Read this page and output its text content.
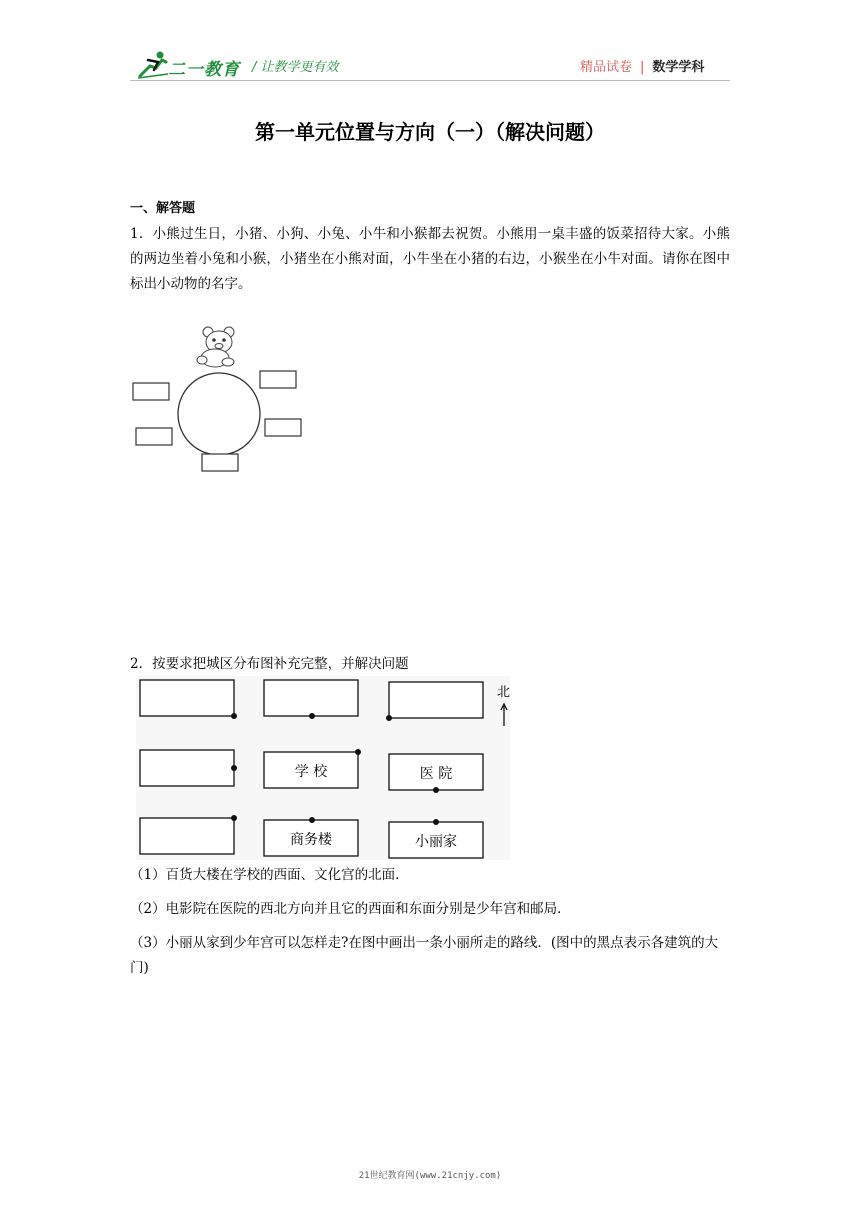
二一教育 / 让教学更有效	精品试卷 | 数学学科
第一单元位置与方向（一）（解决问题）
一、解答题
1．小熊过生日，小猪、小狗、小兔、小牛和小猴都去祝贺。小熊用一桌丰盛的饭菜招待大家。小熊的两边坐着小兔和小猴，小猪坐在小熊对面，小牛坐在小猪的右边，小猴坐在小牛对面。请你在图中标出小动物的名字。
2．按要求把城区分布图补充完整，并解决问题
北
学 校	医 院
商务楼	小丽家
（1）百货大楼在学校的西面、文化宫的北面．
（2）电影院在医院的西北方向并且它的西面和东面分别是少年宫和邮局．
（3）小丽从家到少年宫可以怎样走?在图中画出一条小丽所走的路线．(图中的黑点表示各建筑的大门)
21世纪教育网(www.21cnjy.com)
